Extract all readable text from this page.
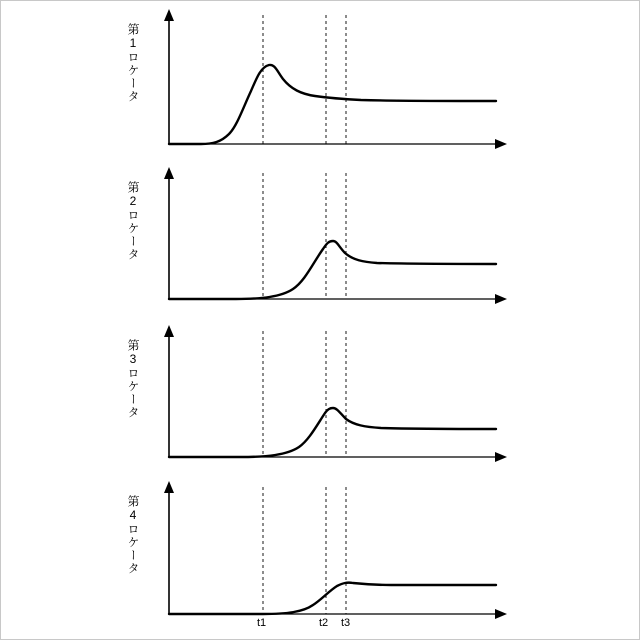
第1ロケータ
第2ロケータ
第3ロケータ
第4ロケータ
t1	t2 t3
